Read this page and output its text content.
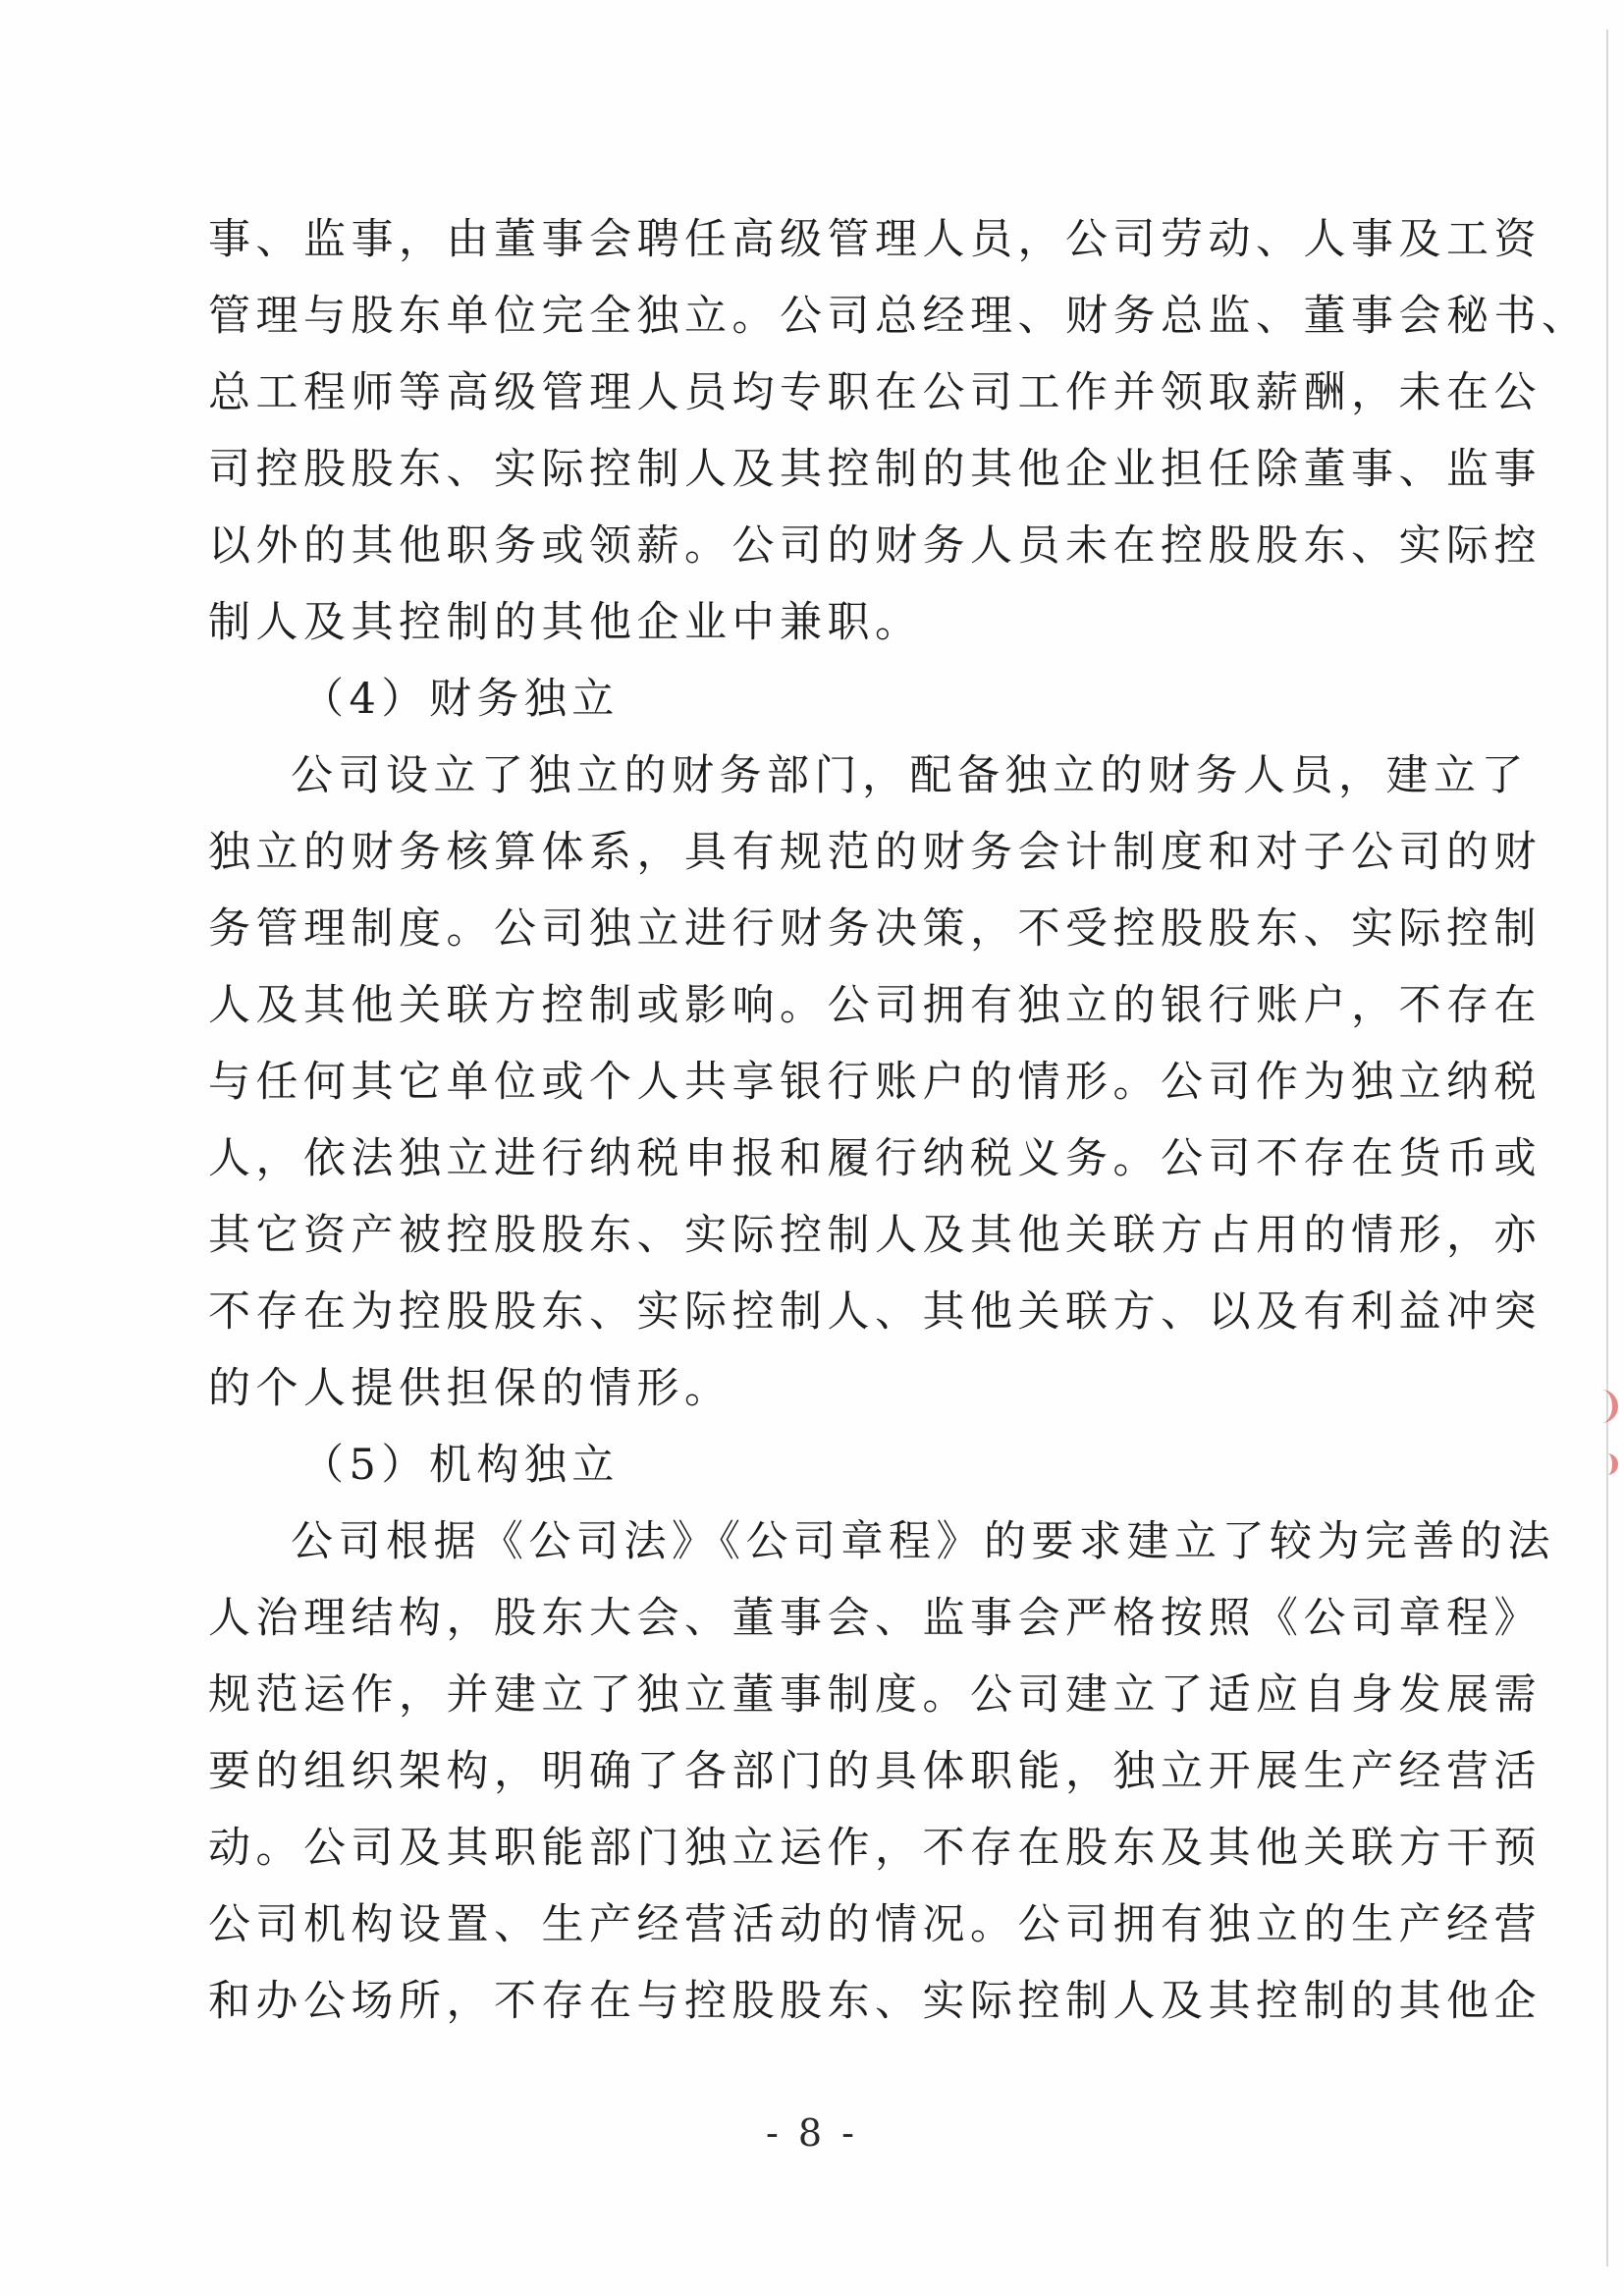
事、监事，由董事会聘任高级管理人员，公司劳动、人事及工资
管理与股东单位完全独立。公司总经理、财务总监、董事会秘书、
总工程师等高级管理人员均专职在公司工作并领取薪酬，未在公
司控股股东、实际控制人及其控制的其他企业担任除董事、监事
以外的其他职务或领薪。公司的财务人员未在控股股东、实际控
制人及其控制的其他企业中兼职。
（4）财务独立
公司设立了独立的财务部门，配备独立的财务人员，建立了
独立的财务核算体系，具有规范的财务会计制度和对子公司的财
务管理制度。公司独立进行财务决策，不受控股股东、实际控制
人及其他关联方控制或影响。公司拥有独立的银行账户，不存在
与任何其它单位或个人共享银行账户的情形。公司作为独立纳税
人，依法独立进行纳税申报和履行纳税义务。公司不存在货币或
其它资产被控股股东、实际控制人及其他关联方占用的情形，亦
不存在为控股股东、实际控制人、其他关联方、以及有利益冲突
的个人提供担保的情形。
（5）机构独立
公司根据《公司法》《公司章程》的要求建立了较为完善的法
人治理结构，股东大会、董事会、监事会严格按照《公司章程》
规范运作，并建立了独立董事制度。公司建立了适应自身发展需
要的组织架构，明确了各部门的具体职能，独立开展生产经营活
动。公司及其职能部门独立运作，不存在股东及其他关联方干预
公司机构设置、生产经营活动的情况。公司拥有独立的生产经营
和办公场所，不存在与控股股东、实际控制人及其控制的其他企
- 8 -
